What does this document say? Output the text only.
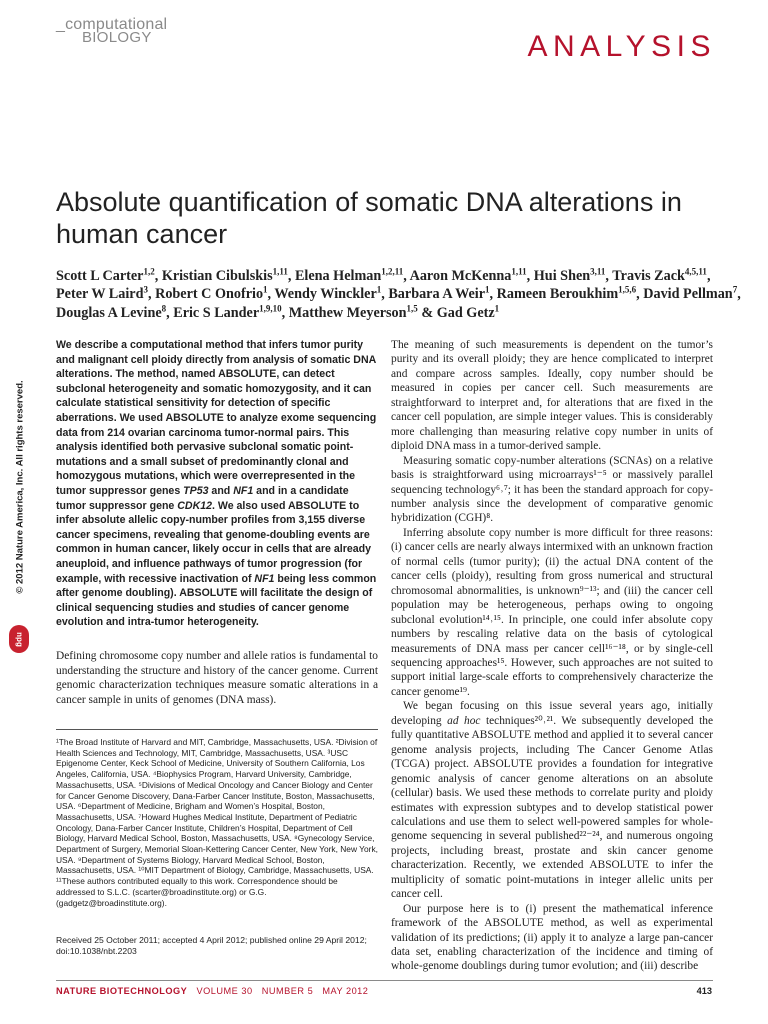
_computational
BIOLOGY	ANALYSIS
Absolute quantification of somatic DNA alterations in human cancer
Scott L Carter$^{1,2}$, Kristian Cibulskis$^{1,11}$, Elena Helman$^{1,2,11}$, Aaron McKenna$^{1,11}$, Hui Shen$^{3,11}$, Travis Zack$^{4,5,11}$, Peter W Laird$^3$, Robert C Onofrio$^1$, Wendy Winckler$^1$, Barbara A Weir$^1$, Rameen Beroukhim$^{1,5,6}$, David Pellman$^7$, Douglas A Levine$^8$, Eric S Lander$^{1,9,10}$, Matthew Meyerson$^{1,5}$ & Gad Getz$^1$
© 2012 Nature America, Inc. All rights reserved.
npg
We describe a computational method that infers tumor purity and malignant cell ploidy directly from analysis of somatic DNA alterations. The method, named ABSOLUTE, can detect subclonal heterogeneity and somatic homozygosity, and it can calculate statistical sensitivity for detection of specific aberrations. We used ABSOLUTE to analyze exome sequencing data from 214 ovarian carcinoma tumor-normal pairs. This analysis identified both pervasive subclonal somatic point-mutations and a small subset of predominantly clonal and homozygous mutations, which were overrepresented in the tumor suppressor genes TP53 and NF1 and in a candidate tumor suppressor gene CDK12. We also used ABSOLUTE to infer absolute allelic copy-number profiles from 3,155 diverse cancer specimens, revealing that genome-doubling events are common in human cancer, likely occur in cells that are already aneuploid, and influence pathways of tumor progression (for example, with recessive inactivation of NF1 being less common after genome doubling). ABSOLUTE will facilitate the design of clinical sequencing studies and studies of cancer genome evolution and intra-tumor heterogeneity.
Defining chromosome copy number and allele ratios is fundamental to understanding the structure and history of the cancer genome. Current genomic characterization techniques measure somatic alterations in a cancer sample in units of genomes (DNA mass).
¹The Broad Institute of Harvard and MIT, Cambridge, Massachusetts, USA. ²Division of Health Sciences and Technology, MIT, Cambridge, Massachusetts, USA. ³USC Epigenome Center, Keck School of Medicine, University of Southern California, Los Angeles, California, USA. ⁴Biophysics Program, Harvard University, Cambridge, Massachusetts, USA. ⁵Divisions of Medical Oncology and Cancer Biology and Center for Cancer Genome Discovery, Dana-Farber Cancer Institute, Boston, Massachusetts, USA. ⁶Department of Medicine, Brigham and Women’s Hospital, Boston, Massachusetts, USA. ⁷Howard Hughes Medical Institute, Department of Pediatric Oncology, Dana-Farber Cancer Institute, Children’s Hospital, Department of Cell Biology, Harvard Medical School, Boston, Massachusetts, USA. ⁸Gynecology Service, Department of Surgery, Memorial Sloan-Kettering Cancer Center, New York, New York, USA. ⁹Department of Systems Biology, Harvard Medical School, Boston, Massachusetts, USA. ¹⁰MIT Department of Biology, Cambridge, Massachusetts, USA. ¹¹These authors contributed equally to this work. Correspondence should be addressed to S.L.C. (scarter@broadinstitute.org) or G.G. (gadgetz@broadinstitute.org).
Received 25 October 2011; accepted 4 April 2012; published online 29 April 2012; doi:10.1038/nbt.2203

The meaning of such measurements is dependent on the tumor’s purity and its overall ploidy; they are hence complicated to interpret and compare across samples. Ideally, copy number should be measured in copies per cancer cell. Such measurements are straightforward to interpret and, for alterations that are fixed in the cancer cell population, are simple integer values. This is considerably more challenging than measuring relative copy number in units of diploid DNA mass in a tumor-derived sample.

Measuring somatic copy-number alterations (SCNAs) on a relative basis is straightforward using microarrays¹⁻⁵ or massively parallel sequencing technology⁶˒⁷; it has been the standard approach for copy-number analysis since the development of comparative genomic hybridization (CGH)⁸.

Inferring absolute copy number is more difficult for three reasons: (i) cancer cells are nearly always intermixed with an unknown fraction of normal cells (tumor purity); (ii) the actual DNA content of the cancer cells (ploidy), resulting from gross numerical and structural chromosomal abnormalities, is unknown⁹⁻¹³; and (iii) the cancer cell population may be heterogeneous, perhaps owing to ongoing subclonal evolution¹⁴˒¹⁵. In principle, one could infer absolute copy numbers by rescaling relative data on the basis of cytological measurements of DNA mass per cancer cell¹⁶⁻¹⁸, or by single-cell sequencing approaches¹⁵. However, such approaches are not suited to support initial large-scale efforts to comprehensively characterize the cancer genome¹⁹.

We began focusing on this issue several years ago, initially developing ad hoc techniques²⁰˒²¹. We subsequently developed the fully quantitative ABSOLUTE method and applied it to several cancer genome analysis projects, including The Cancer Genome Atlas (TCGA) project. ABSOLUTE provides a foundation for integrative genomic analysis of cancer genome alterations on an absolute (cellular) basis. We used these methods to correlate purity and ploidy estimates with expression subtypes and to develop statistical power calculations and use them to select well-powered samples for whole-genome sequencing in several published²²⁻²⁴, and numerous ongoing projects, including breast, prostate and skin cancer genome characterization. Recently, we extended ABSOLUTE to infer the multiplicity of somatic point-mutations in integer allelic units per cancer cell.

Our purpose here is to (i) present the mathematical inference framework of the ABSOLUTE method, as well as experimental validation of its predictions; (ii) apply it to analyze a large pan-cancer data set, enabling characterization of the incidence and timing of whole-genome doublings during tumor evolution; and (iii) describe

NATURE BIOTECHNOLOGY   VOLUME 30   NUMBER 5   MAY 2012	413
